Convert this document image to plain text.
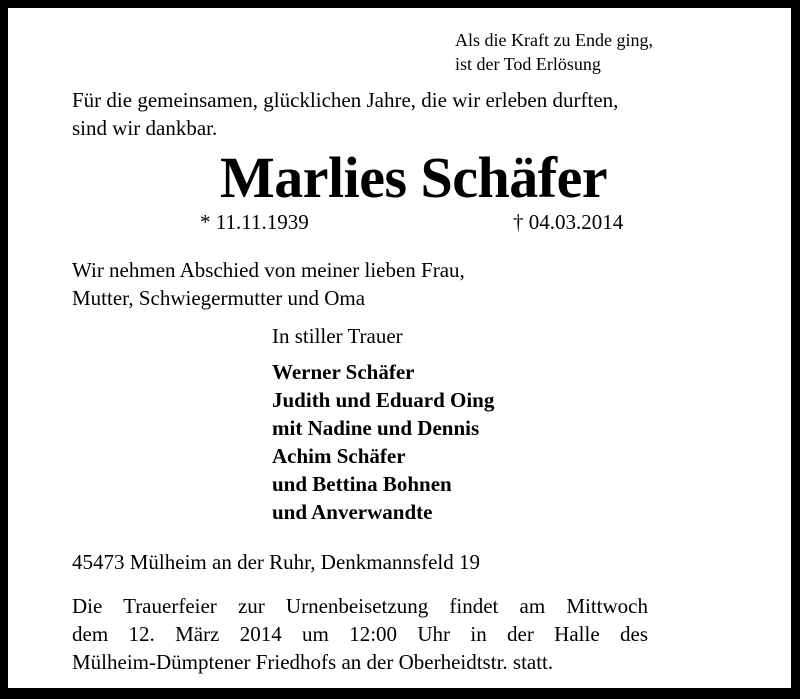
Als die Kraft zu Ende ging,
ist der Tod Erlösung
Für die gemeinsamen, glücklichen Jahre, die wir erleben durften,
sind wir dankbar.
Marlies Schäfer
* 11.11.1939	† 04.03.2014
Wir nehmen Abschied von meiner lieben Frau,
Mutter, Schwiegermutter und Oma
In stiller Trauer
Werner Schäfer
Judith und Eduard Oing
mit Nadine und Dennis
Achim Schäfer
und Bettina Bohnen
und Anverwandte
45473 Mülheim an der Ruhr, Denkmannsfeld 19
Die Trauerfeier zur Urnenbeisetzung findet am Mittwoch
dem 12. März 2014 um 12:00 Uhr in der Halle des
Mülheim-Dümptener Friedhofs an der Oberheidtstr. statt.
